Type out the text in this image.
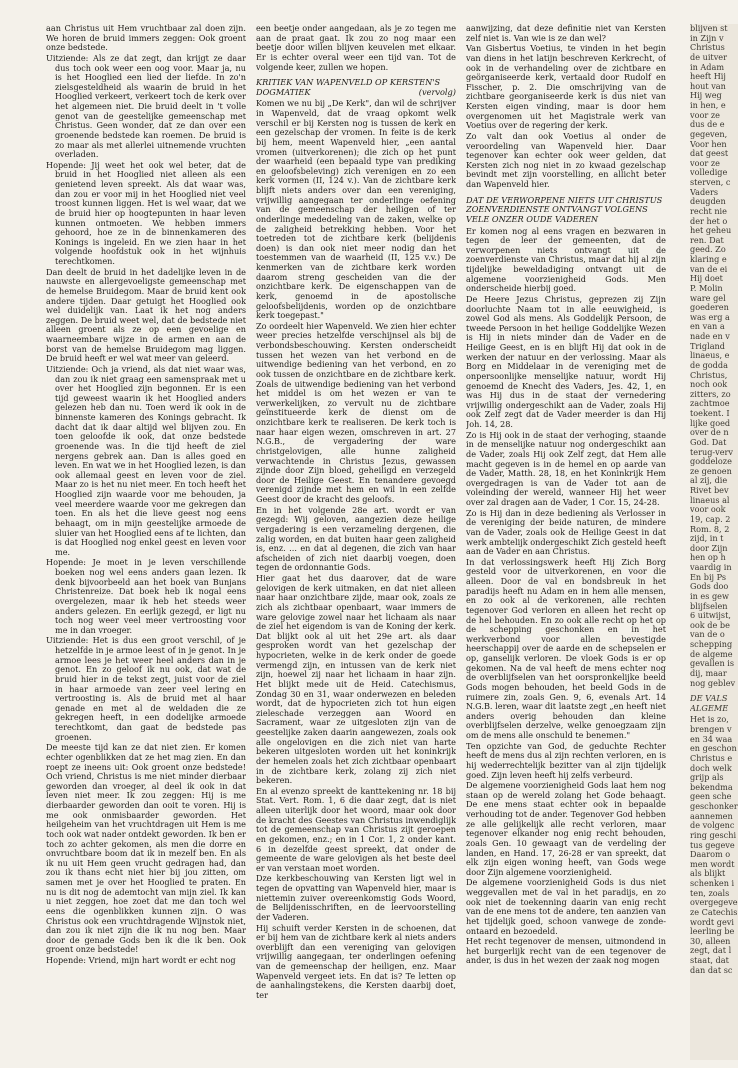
aan Christus uit Hem vruchtbaar zal doen zijn. We horen de bruid immers zeggen: Ook groent onze bedstede.

Uitziende: Als ze dat zegt, dan krijgt ze daar dus toch ook weer een oog voor. Maar ja, nu is het Hooglied een lied der liefde. In zo'n zielsgesteldheid als waarin de bruid in het Hooglied verkeert, verkeert toch de kerk over het algemeen niet. Die bruid deelt in 't volle genot van de geestelijke gemeenschap met Christus. Geen wonder, dat ze dan over een groenende bedstede kan roemen. De bruid is zo maar als met allerlei uitnemende vruchten overladen.

Hopende: Jij weet het ook wel beter, dat de bruid in het Hooglied niet alleen als een genietend leven spreekt. Als dat waar was, dan zou er voor mij in het Hooglied niet veel troost kunnen liggen. Het is wel waar, dat we de bruid hier op hoogtepunten in haar leven kunnen ontmoeten. We hebben immers gehoord, hoe ze in de binnenkameren des Konings is ingeleid. En we zien haar in het volgende hoofdstuk ook in het wijnhuis terechtkomen.

Dan deelt de bruid in het dadelijke leven in de nauwste en allergevoeligste gemeenschap met de hemelse Bruidegom. Maar de bruid kent ook andere tijden. Daar getuigt het Hooglied ook wel duidelijk van. Laat ik het nog anders zeggen. De bruid weet wel, dat de bedstede niet alleen groent als ze op een gevoelige en waarneembare wijze in de armen en aan de borst van de hemelse Bruidegom mag liggen. De bruid heeft er wel wat meer van geleerd.

Uitziende: Och ja vriend, als dat niet waar was, dan zou ik niet graag een samenspraak met u over het Hooglied zijn begonnen. Er is een tijd geweest waarin ik het Hooglied anders gelezen heb dan nu. Toen werd ik ook in de binnenste kameren des Konings gebracht. Ik dacht dat ik daar altijd wel blijven zou. En toen geloofde ik ook, dat onze bedstede groenende was. In die tijd heeft de ziel nergens gebrek aan. Dan is alles goed en leven. En wat we in het Hooglied lezen, is dan ook allemaal geest en leven voor de ziel. Maar zo is het nu niet meer. En toch heeft het Hooglied zijn waarde voor me behouden, ja veel meerdere waarde voor me gekregen dan toen. En als het die lieve geest nog eens behaagt, om in mijn geestelijke armoede de sluier van het Hooglied eens af te lichten, dan is dat Hooglied nog enkel geest en leven voor me.

Hopende: Je moet in je leven verschillende boeken nog wel eens anders gaan lezen. Ik denk bijvoorbeeld aan het boek van Bunjans Christenreize. Dat boek heb ik nogal eens overgelezen, maar ik heb het steeds weer anders gelezen. En eerlijk gezegd, er ligt nu toch nog weer veel meer vertroosting voor me in dan vroeger.

Uitziende: Het is dus een groot verschil, of je hetzelfde in je armoe leest of in je genot. In je armoe lees je het weer heel anders dan in je genot. En zo geloof ik nu ook, dat wat de bruid hier in de tekst zegt, juist voor de ziel in haar armoede van zeer veel lering en vertroosting is. Als de bruid met al haar genade en met al de weldaden die ze gekregen heeft, in een dodelijke armoede terechtkomt, dan gaat de bedstede pas groenen.

De meeste tijd kan ze dat niet zien. Er komen echter ogenblikken dat ze het mag zien. En dan roept ze ineens uit: Ook groent onze bedstede! Och vriend, Christus is me niet minder dierbaar geworden dan vroeger, al deel ik ook in dat leven niet meer. Ik zou zeggen: Hij is me dierbaarder geworden dan ooit te voren. Hij is me ook onmisbaarder geworden. Het heilgeheim van het vruchtdragen uit Hem is me toch ook wat nader ontdekt geworden. Ik ben er toch zo achter gekomen, als men die dorre en onvruchtbare boom dat ik in mezelf ben. En als ik nu uit Hem geen vrucht gedragen had, dan zou ik thans echt niet hier bij jou zitten, om samen met je over het Hooglied te praten. En nu is dit nog de ademtocht van mijn ziel. Ik kan u niet zeggen, hoe zoet dat me dan toch wel eens die ogenblikken kunnen zijn. O was Christus ook een vruchtdragende Wijnstok niet, dan zou ik niet zijn die ik nu nog ben. Maar door de genade Gods ben ik die ik ben. Ook groent onze bedstede!

Hopende: Vriend, mijn hart wordt er echt nog

een beetje onder aangedaan, als je zo tegen me aan de praat gaat. Ik zou zo nog maar een beetje door willen blijven keuvelen met elkaar. Er is echter overal weer een tijd van. Tot de volgende keer, zullen we hopen.

KRITIEK VAN WAPENVELD OP KERSTEN'S DOGMATIEK	(vervolg)

Komen we nu bij „De Kerk", dan wil de schrijver in Wapenveld, dat de vraag opkomt welk verschil er bij Kersten nog is tussen de kerk en een gezelschap der vromen. In feite is de kerk bij hem, meent Wapenveld hier, „een aantal vromen (uitverkorenen); die zich op het punt der waarheid (een bepaald type van prediking en geloofsbeleving) zich verenigen en zo een kerk vormen (II, 124 v.). Van de zichtbare kerk blijft niets anders over dan een vereniging, vrijwillig aangegaan ter onderlinge oefening van de gemeenschap der heiligen of ter onderlinge mededeling van de zaken, welke op de zaligheid betrekking hebben. Voor het toetreden tot de zichtbare kerk (belijdenis doen) is dan ook niet meer nodig dan het toestemmen van de waarheid (II, 125 v.v.) De kenmerken van de zichtbare kerk worden daarom streng gescheiden van die der onzichtbare kerk. De eigenschappen van de kerk, genoemd in de apostolische geloofsbelijdenis, worden op de onzichtbare kerk toegepast."

Zo oordeelt hier Wapenveld. We zien hier echter weer precies hetzelfde verschijnsel als bij de verbondsbeschouwing. Kersten onderscheidt tussen het wezen van het verbond en de uitwendige bediening van het verbond, en zo ook tussen de onzichtbare en de zichtbare kerk. Zoals de uitwendige bediening van het verbond het middel is om het wezen er van te verwerkelijken, zo vervult nu de zichtbare geïnstitueerde kerk de dienst om de onzichtbare kerk te realiseren. De kerk toch is naar haar eigen wezen, omschreven in art. 27 N.G.B., de vergadering der ware christgelovigen, alle hunne zaligheid verwachtende in Christus Jezus, gewassen zijnde door Zijn bloed, geheiligd en verzegeld door de Heilige Geest. En tenandere gevoegd verenigd zijnde met hem en wil in een zelfde Geest door de kracht des geloofs.

En in het volgende 28e art. wordt er van gezegd: Wij geloven, aangezien deze heilige vergadering is een verzameling dergenen, die zalig worden, en dat buiten haar geen zaligheid is, enz. ... en dat al degenen, die zich van haar afscheiden of zich niet daarbij voegen, doen tegen de ordonnantie Gods.

Hier gaat het dus daarover, dat de ware gelovigen de kerk uitmaken, en dat niet alleen naar haar onzichtbare zijde, maar ook, zoals ze zich als zichtbaar openbaart, waar immers de ware gelovige zowel naar het lichaam als naar de ziel het eigendom is van de Koning der kerk. Dat blijkt ook al uit het 29e art. als daar gesproken wordt van het gezelschap der hypocrieten, welke in de kerk onder de goede vermengd zijn, en intussen van de kerk niet zijn, hoewel zij naar het lichaam in haar zijn. Het blijkt mede uit de Heid. Catechismus, Zondag 30 en 31, waar onderwezen en beleden wordt, dat de hypocrieten zich tot hun eigen zieleschade verzeggen aan Woord en Sacrament, waar ze uitgesloten zijn van de geestelijke zaken daarin aangewezen, zoals ook alle ongelovigen en die zich niet van harte bekeren uitgesloten worden uit het koninkrijk der hemelen zoals het zich zichtbaar openbaart in de zichtbare kerk, zolang zij zich niet bekeren.

En al evenzo spreekt de kanttekening nr. 18 bij Stat. Vert. Rom. 1, 6 die daar zegt, dat is niet alleen uiterlijk door het woord, maar ook door de kracht des Geestes van Christus inwendiglijk tot de gemeenschap van Christus zijt geroepen en gekomen, enz.; en in 1 Cor. 1, 2 onder kant. 6 in dezelfde geest spreekt, dat onder de gemeente de ware gelovigen als het beste deel er van verstaan moet worden.

Dze kerkbeschouwing van Kersten ligt wel in tegen de opvatting van Wapenveld hier, maar is niettemin zuiver overeenkomstig Gods Woord, de Belijdenisschriften, en de leervoorstelling der Vaderen.

Hij schuift verder Kersten in de schoenen, dat er bij hem van de zichtbare kerk al niets anders overblijft dan een vereniging van gelovigen vrijwillig aangegaan, ter onderlingen oefening van de gemeenschap der heiligen, enz. Maar Wapenveld vergeet iets. En dat is? Te letten op de aanhalingstekens, die Kersten daarbij doet, ter

aanwijzing, dat deze definitie niet van Kersten zelf niet is. Van wie is ze dan wel?

Van Gisbertus Voetius, te vinden in het begin van diens in het latijn beschreven Kerkrecht, of ook in de verhandeling over de zichtbare en geörganiseerde kerk, vertaald door Rudolf en Fisscher, p. 2. Die omschrijving van de zichtbare georganiseerde kerk is dus niet van Kersten eigen vinding, maar is door hem overgenomen uit het Magistrale werk van Voetius over de regering der kerk.

Zo valt dan ook Voetius al onder de veroordeling van Wapenveld hier. Daar tegenover kan echter ook weer gelden, dat Kersten zich nog niet in zo kwaad gezelschap bevindt met zijn voorstelling, en allicht beter dan Wapenveld hier.

DAT DE VERWORPENE NIETS UIT CHRISTUS ZOENVERDIENSTE ONTVANGT VOLGENS VELE ONZER OUDE VADEREN

Er komen nog al eens vragen en bezwaren in tegen de leer der gemeenten, dat de verworpenen niets ontvangt uit de zoenverdienste van Christus, maar dat hij al zijn tijdelijke beweldadiging ontvangt uit de algemene voorzienigheid Gods. Men onderscheide hierbij goed.

De Heere Jezus Christus, geprezen zij Zijn doorluchte Naam tot in alle eeuwigheid, is zowel God als mens. Als Goddelijk Persoon, de tweede Persoon in het heilige Goddelijke Wezen is Hij in niets minder dan de Vader en de Heilige Geest, en is en blijft Hij dat ook in de werken der natuur en der verlossing. Maar als Borg en Middelaar in de vereniging met de onpersoonlijke menselijke natuur, wordt Hij genoemd de Knecht des Vaders, Jes. 42, 1, en was Hij dus in de staat der vernedering vrijwillig ondergeschikt aan de Vader, zoals Hij ook Zelf zegt dat de Vader meerder is dan Hij Joh. 14, 28.

Zo is Hij ook in de staat der verhoging, staande in de menselijke natuur nog ondergeschikt aan de Vader, zoals Hij ook Zelf zegt, dat Hem alle macht gegeven is in de hemel en op aarde van de Vader, Matth. 28, 18, en het Koninkrijk Hem overgedragen is van de Vader tot aan de voleinding der wereld, wanneer Hij het weer over zal dragen aan de Vader, 1 Cor. 15, 24-28.

Zo is Hij dan in deze bediening als Verlosser in de vereniging der beide naturen, de mindere van de Vader, zoals ook de Heilige Geest in dat werk ambtelijk ondergeschikt Zich gesteld heeft aan de Vader en aan Christus.

In dat verlossingswerk heeft Hij Zich Borg gesteld voor de uitverkorenen, en voor die alleen. Door de val en bondsbreuk in het paradijs heeft nu Adam en in hem alle mensen, en zo ook al de verkorenen, alle rechten tegenover God verloren en alleen het recht op de hel behouden. En zo ook alle recht op het op de schepping geschonken en in het werkverbond voor allen bevestigde heerschappij over de aarde en de schepselen er op, ganselijk verloren. De vloek Gods is er op gekomen. Na de val heeft de mens echter nog de overblijfselen van het oorspronkelijke beeld Gods mogen behouden, het beeld Gods in de ruimere zin, zoals Gen. 9, 6, evenals Art. 14 N.G.B. leren, waar dit laatste zegt „en heeft niet anders overig behouden dan kleine overblijfselen derzelve, welke genoegzaam zijn om de mens alle onschuld te benemen."

Ten opzichte van God, de geduchte Rechter heeft de mens dus al zijn rechten verloren, en is hij wederrechtelijk bezitter van al zijn tijdelijk goed. Zijn leven heeft hij zelfs verbeurd.

De algemene voorzienigheid Gods laat hem nog staan op de wereld zolang het Gode behaagt. De ene mens staat echter ook in bepaalde verhouding tot de ander. Tegenover God hebben ze alle gelijkelijk alle recht verloren, maar tegenover elkander nog enig recht behouden, zoals Gen. 10 gewaagt van de verdeling der landen, en Hand. 17, 26-28 er van spreekt, dat elk zijn eigen woning heeft, van Gods wege door Zijn algemene voorzienigheid.

De algemene voorzienigheid Gods is dus niet weggevallen met de val in het paradijs, en zo ook niet de toekenning daarin van enig recht van de ene mens tot de andere, ten aanzien van het tijdelijk goed, schoon vanwege de zonde-ontaard en bezoedeld.

Het recht tegenover de mensen, uitmondend in het burgerlijk recht van de een tegenover de ander, is dus in het wezen der zaak nog mogen

blijven st
in Zijn v
Christus
de uitver
in Adam
heeft Hij
hout van
Hij weg
in hen, e
voor ze
dus de e
gegeven,
Voor hen
dat geest
voor ze
volledige
sterven, c
Vaders
deugden
recht nie
der het o
het geheu
ren. Dat
geed. Zo
klaring e
van de ei
Hij doet
P. Molin
ware gel
goederen
was erg a
en van a
nade en v
Trigland
linaeus, e
de godda
Christus,
noch ook
zitters, zo
zachtmoe
toekent. I
lijke goed
over de n
God. Dat
terug-verv
goddeloze
ze genoen
al zij, die
Rivet bev
linaeus al
voor ook
19, cap. 2
Rom. 8, 2
zijd, in t
door Zijn
hen op h
vaardig in
En bij Ps
Gods doo
in es gew
blijfselen
6 uitwijst,
ook de be
van de o
schepping
de algeme
gevallen is
dij, maar
nog geblev
DE VALS ALGEME
Het is zo,
brengen v
en 34 waa
en geschon
Christus e
doch welk
grijp als
bekendma
geen sche
geschonker
aannemen
de volgenc
ring geschi
tus gegeve
Daarom o
men wordt
als blijkt
schenken i
ten, zoals
overgegeve
ze Catechis
wordt gevi
leerling be
30, alleen
zegt, dat l
staat, dat
dan dat sc
